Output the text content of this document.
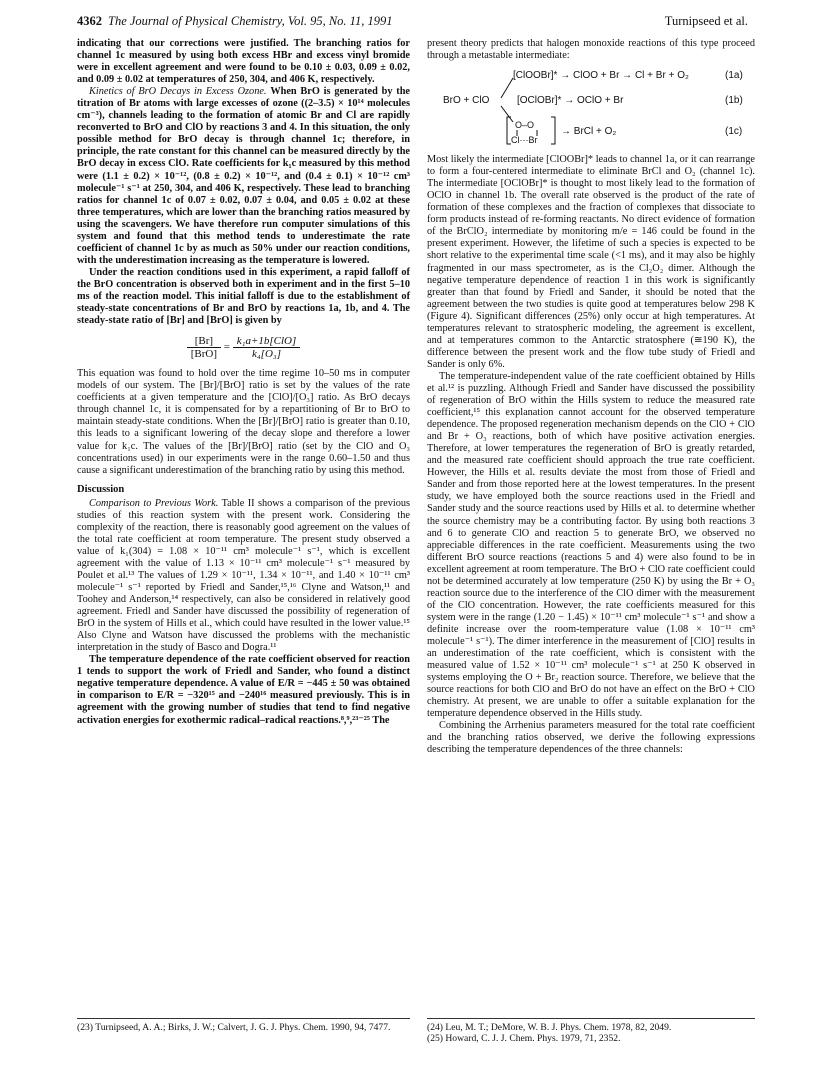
4362 The Journal of Physical Chemistry, Vol. 95, No. 11, 1991	Turnipseed et al.

indicating that our corrections were justified. The branching ratios for channel 1c measured by using both excess HBr and excess vinyl bromide were in excellent agreement and were found to be 0.10 ± 0.03, 0.09 ± 0.02, and 0.09 ± 0.02 at temperatures of 250, 304, and 406 K, respectively.

Kinetics of BrO Decays in Excess Ozone. When BrO is generated by the titration of Br atoms with large excesses of ozone ((2–3.5) × 10¹⁴ molecules cm⁻³), channels leading to the formation of atomic Br and Cl are rapidly reconverted to BrO and ClO by reactions 3 and 4. In this situation, the only possible method for BrO decay is through channel 1c; therefore, in principle, the rate constant for this channel can be measured directly by the BrO decay in excess ClO. Rate coefficients for k₁c measured by this method were (1.1 ± 0.2) × 10⁻¹², (0.8 ± 0.2) × 10⁻¹², and (0.4 ± 0.1) × 10⁻¹² cm³ molecule⁻¹ s⁻¹ at 250, 304, and 406 K, respectively. These lead to branching ratios for channel 1c of 0.07 ± 0.02, 0.07 ± 0.04, and 0.05 ± 0.02 at these three temperatures, which are lower than the branching ratios measured by using the scavengers. We have therefore run computer simulations of this system and found that this method tends to underestimate the rate coefficient of channel 1c by as much as 50% under our reaction conditions, with the underestimation increasing as the temperature is lowered.

Under the reaction conditions used in this experiment, a rapid falloff of the BrO concentration is observed both in experiment and in the first 5–10 ms of the reaction model. This initial falloff is due to the establishment of steady-state concentrations of Br and BrO by reactions 1a, 1b, and 4. The steady-state ratio of [Br] and [BrO] is given by

$\frac{[Br]}{\text{[BrO]}} = \frac{\text{k₁a+1b[ClO]}}{\text{k₄[O₃]}}$

This equation was found to hold over the time regime 10–50 ms in computer models of our system. The [Br]/[BrO] ratio is set by the values of the rate coefficients at a given temperature and the [ClO]/[O₃] ratio. As BrO decays through channel 1c, it is compensated for by a repartitioning of Br to BrO to maintain steady-state conditions. When the [Br]/[BrO] ratio is greater than 0.10, this leads to a significant lowering of the decay slope and therefore a lower value for k₁c. The values of the [Br]/[BrO] ratio (set by the ClO and O₃ concentrations used) in our experiments were in the range 0.60–1.50 and thus cause a significant underestimation of the branching ratio by using this method.

Discussion

Comparison to Previous Work. Table II shows a comparison of the previous studies of this reaction system with the present work. Considering the complexity of the reaction, there is reasonably good agreement on the values of the total rate coefficient at room temperature. The present study observed a value of k₁(304) = 1.08 × 10⁻¹¹ cm³ molecule⁻¹ s⁻¹, which is excellent agreement with the value of 1.13 × 10⁻¹¹ cm³ molecule⁻¹ s⁻¹ measured by Poulet et al.¹³ The values of 1.29 × 10⁻¹¹, 1.34 × 10⁻¹¹, and 1.40 × 10⁻¹¹ cm³ molecule⁻¹ s⁻¹ reported by Friedl and Sander,¹⁵,¹⁶ Clyne and Watson,¹¹ and Toohey and Anderson,¹⁴ respectively, can also be considered in relatively good agreement. Friedl and Sander have discussed the possibility of regeneration of BrO in the system of Hills et al., which could have resulted in the lower value.¹⁵ Also Clyne and Watson have discussed the problems with the mechanistic interpretation in the study of Basco and Dogra.¹¹

The temperature dependence of the rate coefficient observed for reaction 1 tends to support the work of Friedl and Sander, who found a distinct negative temperature dependence. A value of E/R = −445 ± 50 was obtained in comparison to E/R = −320¹⁵ and −240¹⁶ measured previously. This is in agreement with the growing number of studies that tend to find negative activation energies for exothermic radical–radical reactions.⁸,⁹,²³⁻²⁵ The

present theory predicts that halogen monoxide reactions of this type proceed through a metastable intermediate:

[ClOOBr]* → ClOO + Br → Cl + Br + O₂	(1a)
BrO + ClO	[OClOBr]* → OClO + Br	(1b)
O–O
Cl···Br
→ BrCl + O₂	(1c)

Most likely the intermediate [ClOOBr]* leads to channel 1a, or it can rearrange to form a four-centered intermediate to eliminate BrCl and O₂ (channel 1c). The intermediate [OClOBr]* is thought to most likely lead to the formation of OClO in channel 1b. The overall rate observed is the product of the rate of formation of these complexes and the fraction of complexes that dissociate to form products instead of re-forming reactants. No direct evidence of formation of the BrClO₂ intermediate by monitoring m/e = 146 could be found in the present experiment. However, the lifetime of such a species is expected to be short relative to the experimental time scale (<1 ms), and it may also be highly fragmented in our mass spectrometer, as is the Cl₂O₂ dimer. Although the negative temperature dependence of reaction 1 in this work is significantly greater than that found by Friedl and Sander, it should be noted that the agreement between the two studies is quite good at temperatures below 298 K (Figure 4). Significant differences (25%) only occur at high temperatures. At temperatures relevant to stratospheric modeling, the agreement is excellent, and at temperatures common to the Antarctic stratosphere (≅190 K), the difference between the present work and the flow tube study of Friedl and Sander is only 6%.

The temperature-independent value of the rate coefficient obtained by Hills et al.¹² is puzzling. Although Friedl and Sander have discussed the possibility of regeneration of BrO within the Hills system to reduce the measured rate coefficient,¹⁵ this explanation cannot account for the observed temperature dependence. The proposed regeneration mechanism depends on the ClO + ClO and Br + O₃ reactions, both of which have positive activation energies. Therefore, at lower temperatures the regeneration of BrO is greatly retarded, and the measured rate coefficient should approach the true rate coefficient. However, the Hills et al. results deviate the most from those of Friedl and Sander and from those reported here at the lowest temperatures. In the present study, we have employed both the source reactions used in the Friedl and Sander study and the source reactions used by Hills et al. to determine whether the source chemistry may be a contributing factor. By using both reactions 3 and 6 to generate ClO and reaction 5 to generate BrO, we observed no appreciable differences in the rate coefficient. Measurements using the two different BrO source reactions (reactions 5 and 4) were also found to be in excellent agreement at room temperature. The BrO + ClO rate coefficient could not be determined accurately at low temperature (250 K) by using the Br + O₃ reaction source due to the interference of the ClO dimer with the measurement of the ClO concentration. However, the rate coefficients measured for this system were in the range (1.20 − 1.45) × 10⁻¹¹ cm³ molecule⁻¹ s⁻¹ and show a definite increase over the room-temperature value (1.08 × 10⁻¹¹ cm³ molecule⁻¹ s⁻¹). The dimer interference in the measurement of [ClO] results in an underestimation of the rate coefficient, which is consistent with the measured value of 1.52 × 10⁻¹¹ cm³ molecule⁻¹ s⁻¹ at 250 K observed in systems employing the O + Br₂ reaction source. Therefore, we believe that the source reactions for both ClO and BrO do not have an effect on the BrO + ClO chemistry. At present, we are unable to offer a suitable explanation for the temperature dependence observed in the Hills study.

Combining the Arrhenius parameters measured for the total rate coefficient and the branching ratios observed, we derive the following expressions describing the temperature dependences of the three channels:

(23) Turnipseed, A. A.; Birks, J. W.; Calvert, J. G. J. Phys. Chem. 1990, 94, 7477.	(24) Leu, M. T.; DeMore, W. B. J. Phys. Chem. 1978, 82, 2049.
(25) Howard, C. J. J. Chem. Phys. 1979, 71, 2352.
